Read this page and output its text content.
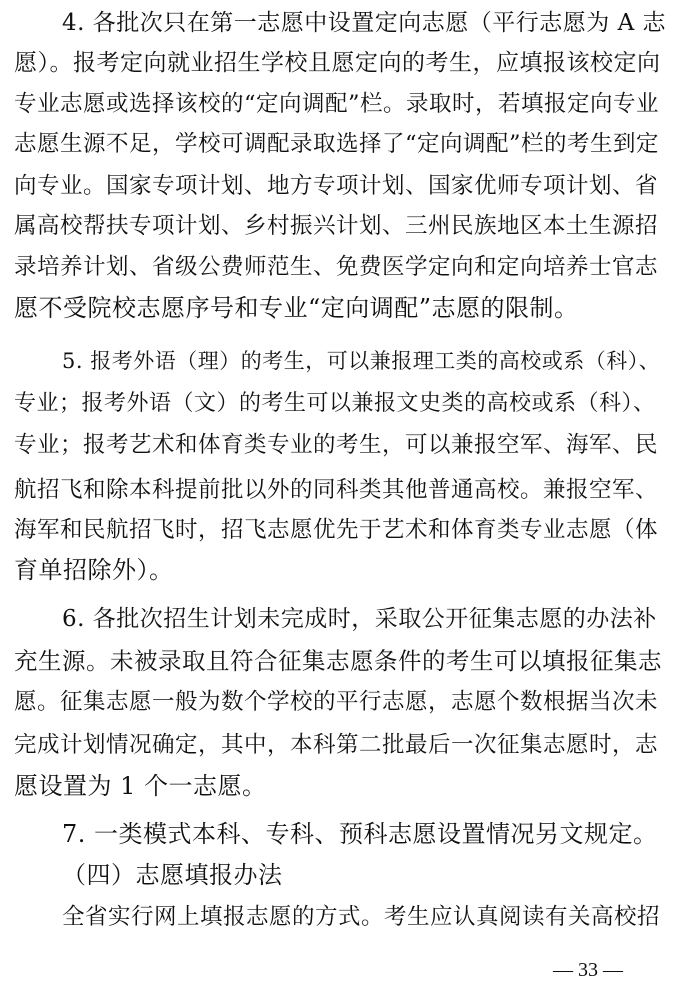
4. 各批次只在第一志愿中设置定向志愿（平行志愿为 A 志
愿）。报考定向就业招生学校且愿定向的考生，应填报该校定向
专业志愿或选择该校的“定向调配”栏。录取时，若填报定向专业
志愿生源不足，学校可调配录取选择了“定向调配”栏的考生到定
向专业。国家专项计划、地方专项计划、国家优师专项计划、省
属高校帮扶专项计划、乡村振兴计划、三州民族地区本土生源招
录培养计划、省级公费师范生、免费医学定向和定向培养士官志
愿不受院校志愿序号和专业“定向调配”志愿的限制。
5. 报考外语（理）的考生，可以兼报理工类的高校或系（科）、
专业；报考外语（文）的考生可以兼报文史类的高校或系（科）、
专业；报考艺术和体育类专业的考生，可以兼报空军、海军、民
航招飞和除本科提前批以外的同科类其他普通高校。兼报空军、
海军和民航招飞时，招飞志愿优先于艺术和体育类专业志愿（体
育单招除外）。
6. 各批次招生计划未完成时，采取公开征集志愿的办法补
充生源。未被录取且符合征集志愿条件的考生可以填报征集志
愿。征集志愿一般为数个学校的平行志愿，志愿个数根据当次未
完成计划情况确定，其中，本科第二批最后一次征集志愿时，志
愿设置为 1 个一志愿。
7. 一类模式本科、专科、预科志愿设置情况另文规定。
（四）志愿填报办法
全省实行网上填报志愿的方式。考生应认真阅读有关高校招
— 33 —
